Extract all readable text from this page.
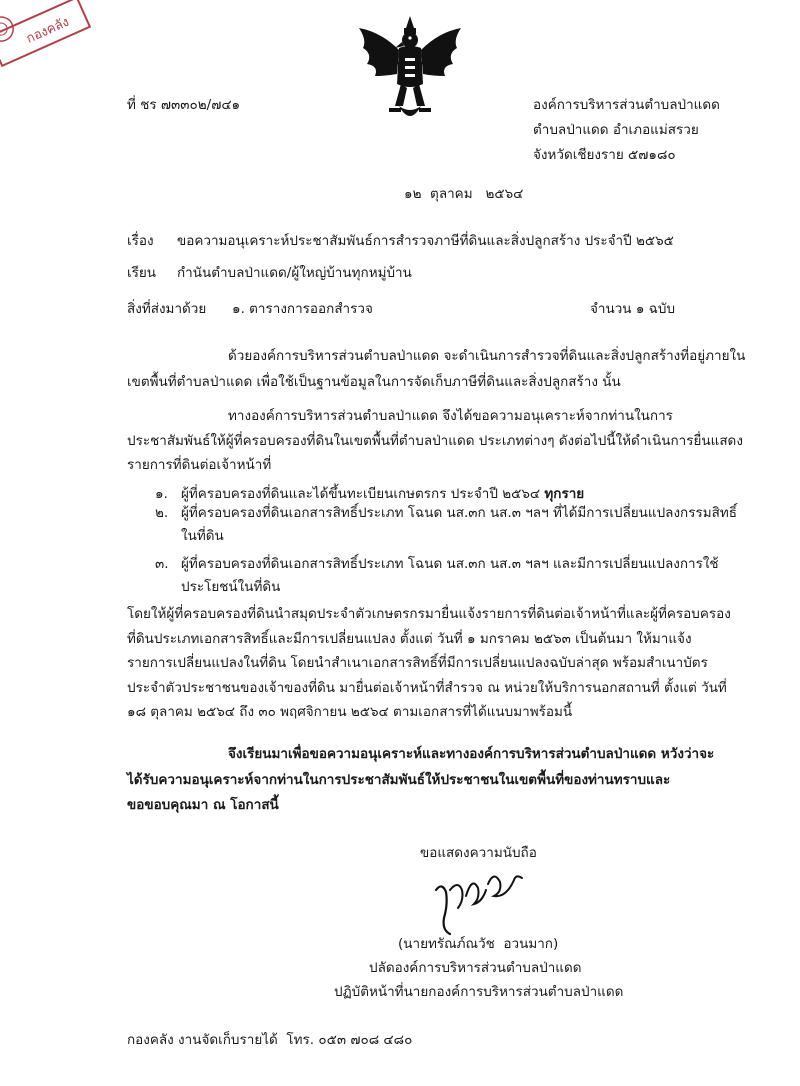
กองคลัง
ที่ ชร ๗๓๓๐๒/๗๔๑	องค์การบริหารส่วนตำบลป่าแดด
ตำบลป่าแดด อำเภอแม่สรวย
จังหวัดเชียงราย ๕๗๑๘๐
๑๒  ตุลาคม   ๒๕๖๔
เรื่อง ขอความอนุเคราะห์ประชาสัมพันธ์การสำรวจภาษีที่ดินและสิ่งปลูกสร้าง ประจำปี ๒๕๖๕
เรียน กำนันตำบลป่าแดด/ผู้ใหญ่บ้านทุกหมู่บ้าน
สิ่งที่ส่งมาด้วย ๑. ตารางการออกสำรวจ	จำนวน ๑ ฉบับ
ด้วยองค์การบริหารส่วนตำบลป่าแดด จะดำเนินการสำรวจที่ดินและสิ่งปลูกสร้างที่อยู่ภายใน
เขตพื้นที่ตำบลป่าแดด เพื่อใช้เป็นฐานข้อมูลในการจัดเก็บภาษีที่ดินและสิ่งปลูกสร้าง นั้น
ทางองค์การบริหารส่วนตำบลป่าแดด จึงได้ขอความอนุเคราะห์จากท่านในการ
ประชาสัมพันธ์ให้ผู้ที่ครอบครองที่ดินในเขตพื้นที่ตำบลป่าแดด ประเภทต่างๆ ดังต่อไปนี้ให้ดำเนินการยื่นแสดง
รายการที่ดินต่อเจ้าหน้าที่
๑. ผู้ที่ครอบครองที่ดินและได้ขึ้นทะเบียนเกษตรกร ประจำปี ๒๕๖๔ ทุกราย
๒. ผู้ที่ครอบครองที่ดินเอกสารสิทธิ์ประเภท โฉนด นส.๓ก นส.๓ ฯลฯ ที่ได้มีการเปลี่ยนแปลงกรรมสิทธิ์
ในที่ดิน
๓. ผู้ที่ครอบครองที่ดินเอกสารสิทธิ์ประเภท โฉนด นส.๓ก นส.๓ ฯลฯ และมีการเปลี่ยนแปลงการใช้
ประโยชน์ในที่ดิน
โดยให้ผู้ที่ครอบครองที่ดินนำสมุดประจำตัวเกษตรกรมายื่นแจ้งรายการที่ดินต่อเจ้าหน้าที่และผู้ที่ครอบครอง
ที่ดินประเภทเอกสารสิทธิ์และมีการเปลี่ยนแปลง ตั้งแต่ วันที่ ๑ มกราคม ๒๕๖๓ เป็นต้นมา ให้มาแจ้ง
รายการเปลี่ยนแปลงในที่ดิน โดยนำสำเนาเอกสารสิทธิ์ที่มีการเปลี่ยนแปลงฉบับล่าสุด พร้อมสำเนาบัตร
ประจำตัวประชาชนของเจ้าของที่ดิน มายื่นต่อเจ้าหน้าที่สำรวจ ณ หน่วยให้บริการนอกสถานที่ ตั้งแต่ วันที่
๑๘ ตุลาคม ๒๕๖๔ ถึง ๓๐ พฤศจิกายน ๒๕๖๔ ตามเอกสารที่ได้แนบมาพร้อมนี้
จึงเรียนมาเพื่อขอความอนุเคราะห์และทางองค์การบริหารส่วนตำบลป่าแดด หวังว่าจะ
ได้รับความอนุเคราะห์จากท่านในการประชาสัมพันธ์ให้ประชาชนในเขตพื้นที่ของท่านทราบและ
ขอขอบคุณมา ณ โอกาสนี้
ขอแสดงความนับถือ
(นายทรัณภ์ณวัช  อวนมาก)
ปลัดองค์การบริหารส่วนตำบลป่าแดด
ปฏิบัติหน้าที่นายกองค์การบริหารส่วนตำบลป่าแดด
กองคลัง งานจัดเก็บรายได้  โทร. ๐๕๓ ๗๐๘ ๔๘๐
